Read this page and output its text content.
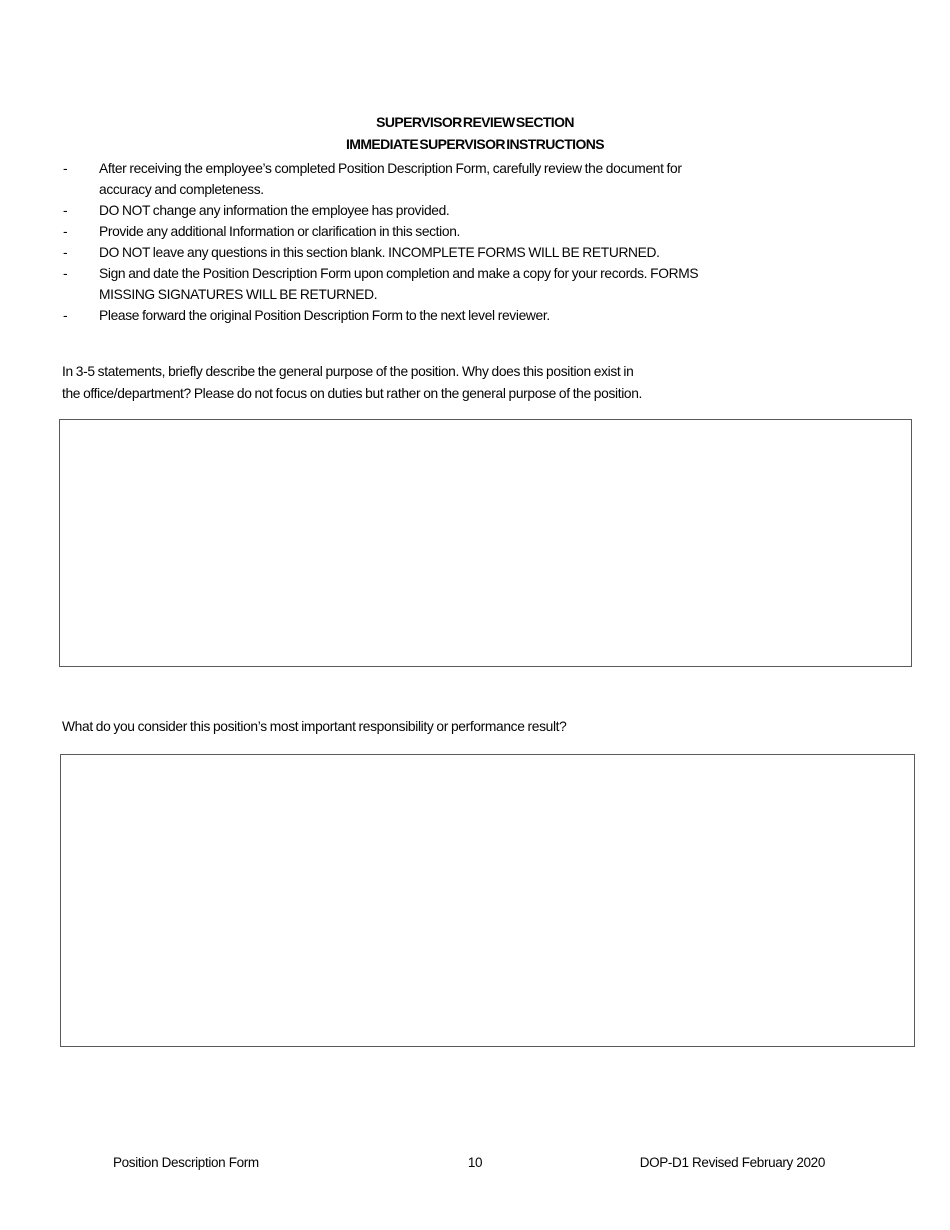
SUPERVISOR REVIEW SECTION
IMMEDIATE SUPERVISOR INSTRUCTIONS
-	After receiving the employee’s completed Position Description Form, carefully review the document for
accuracy and completeness.
-	DO NOT change any information the employee has provided.
-	Provide any additional Information or clarification in this section.
-	DO NOT leave any questions in this section blank. INCOMPLETE FORMS WILL BE RETURNED.
-	Sign and date the Position Description Form upon completion and make a copy for your records. FORMS
MISSING SIGNATURES WILL BE RETURNED.
-	Please forward the original Position Description Form to the next level reviewer.
In 3-5 statements, briefly describe the general purpose of the position. Why does this position exist in
the office/department? Please do not focus on duties but rather on the general purpose of the position.
What do you consider this position’s most important responsibility or performance result?
Position Description Form	10	DOP-D1 Revised February 2020
